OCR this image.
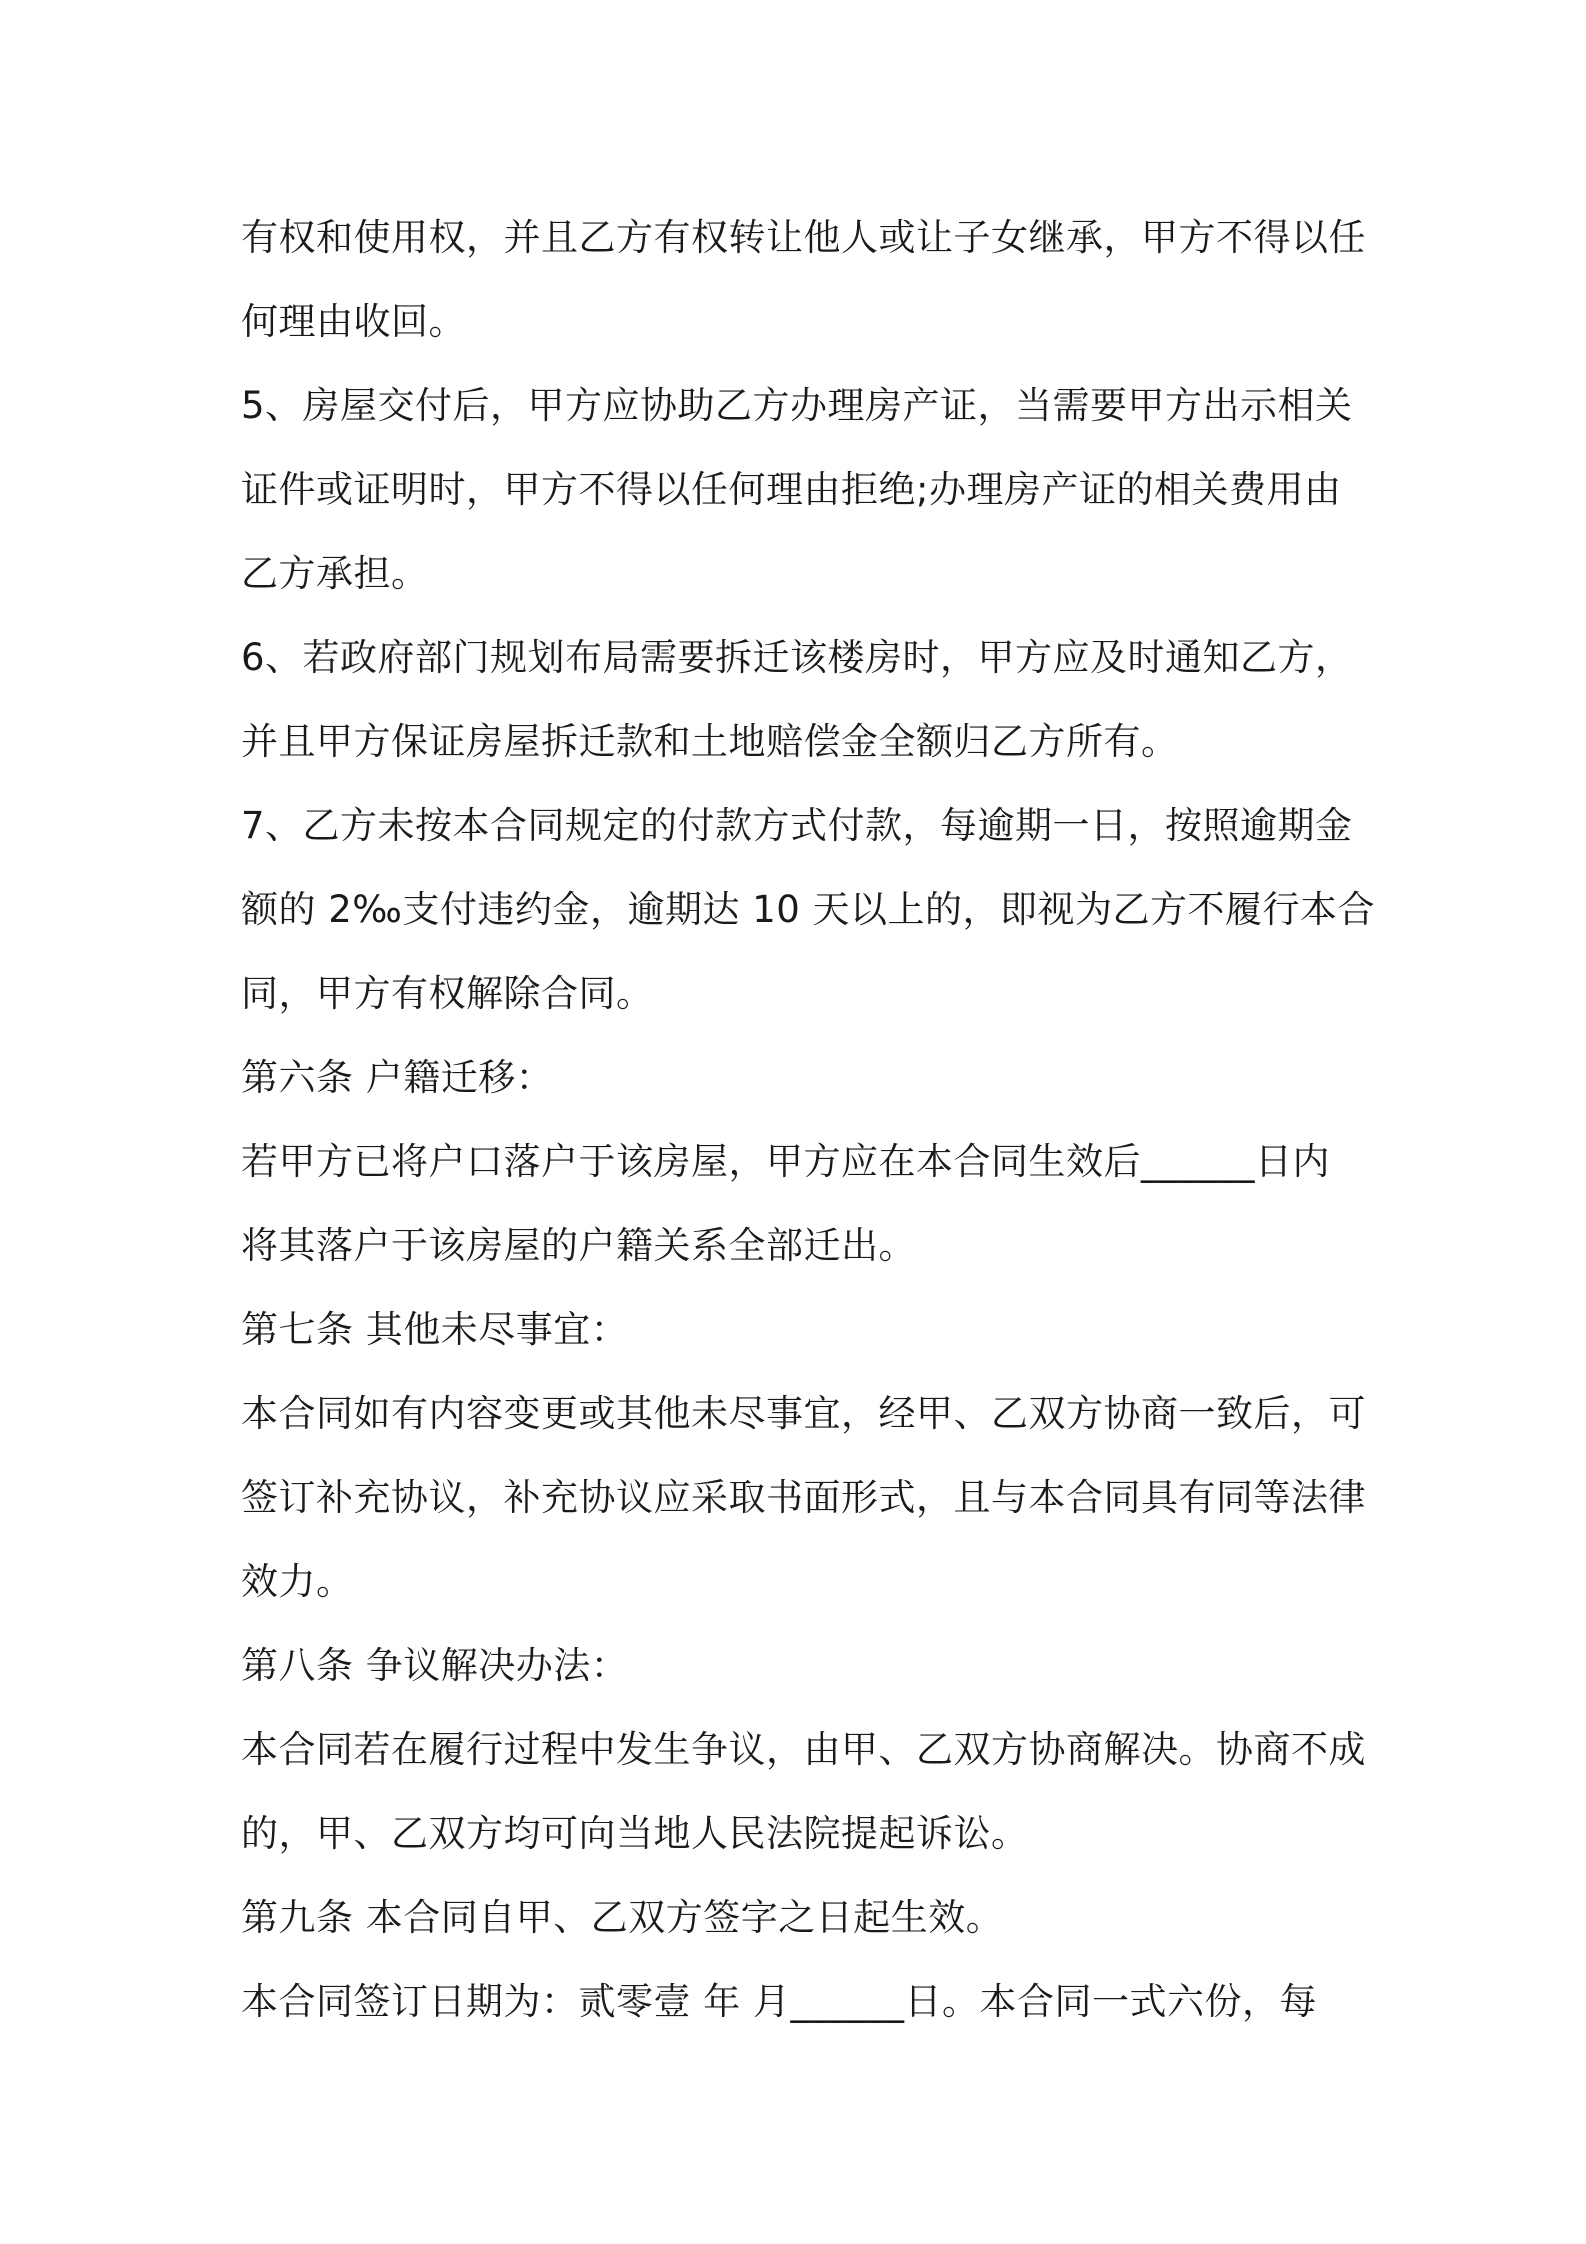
有权和使用权，并且乙方有权转让他人或让子女继承，甲方不得以任
何理由收回。
5、房屋交付后，甲方应协助乙方办理房产证，当需要甲方出示相关
证件或证明时，甲方不得以任何理由拒绝;办理房产证的相关费用由
乙方承担。
6、若政府部门规划布局需要拆迁该楼房时，甲方应及时通知乙方，
并且甲方保证房屋拆迁款和土地赔偿金全额归乙方所有。
7、乙方未按本合同规定的付款方式付款，每逾期一日，按照逾期金
额的 2‰支付违约金，逾期达 10 天以上的，即视为乙方不履行本合
同，甲方有权解除合同。
第六条 户籍迁移：
若甲方已将户口落户于该房屋，甲方应在本合同生效后______日内
将其落户于该房屋的户籍关系全部迁出。
第七条 其他未尽事宜：
本合同如有内容变更或其他未尽事宜，经甲、乙双方协商一致后，可
签订补充协议，补充协议应采取书面形式，且与本合同具有同等法律
效力。
第八条 争议解决办法：
本合同若在履行过程中发生争议，由甲、乙双方协商解决。协商不成
的，甲、乙双方均可向当地人民法院提起诉讼。
第九条 本合同自甲、乙双方签字之日起生效。
本合同签订日期为：贰零壹 年 月______日。本合同一式六份，每
